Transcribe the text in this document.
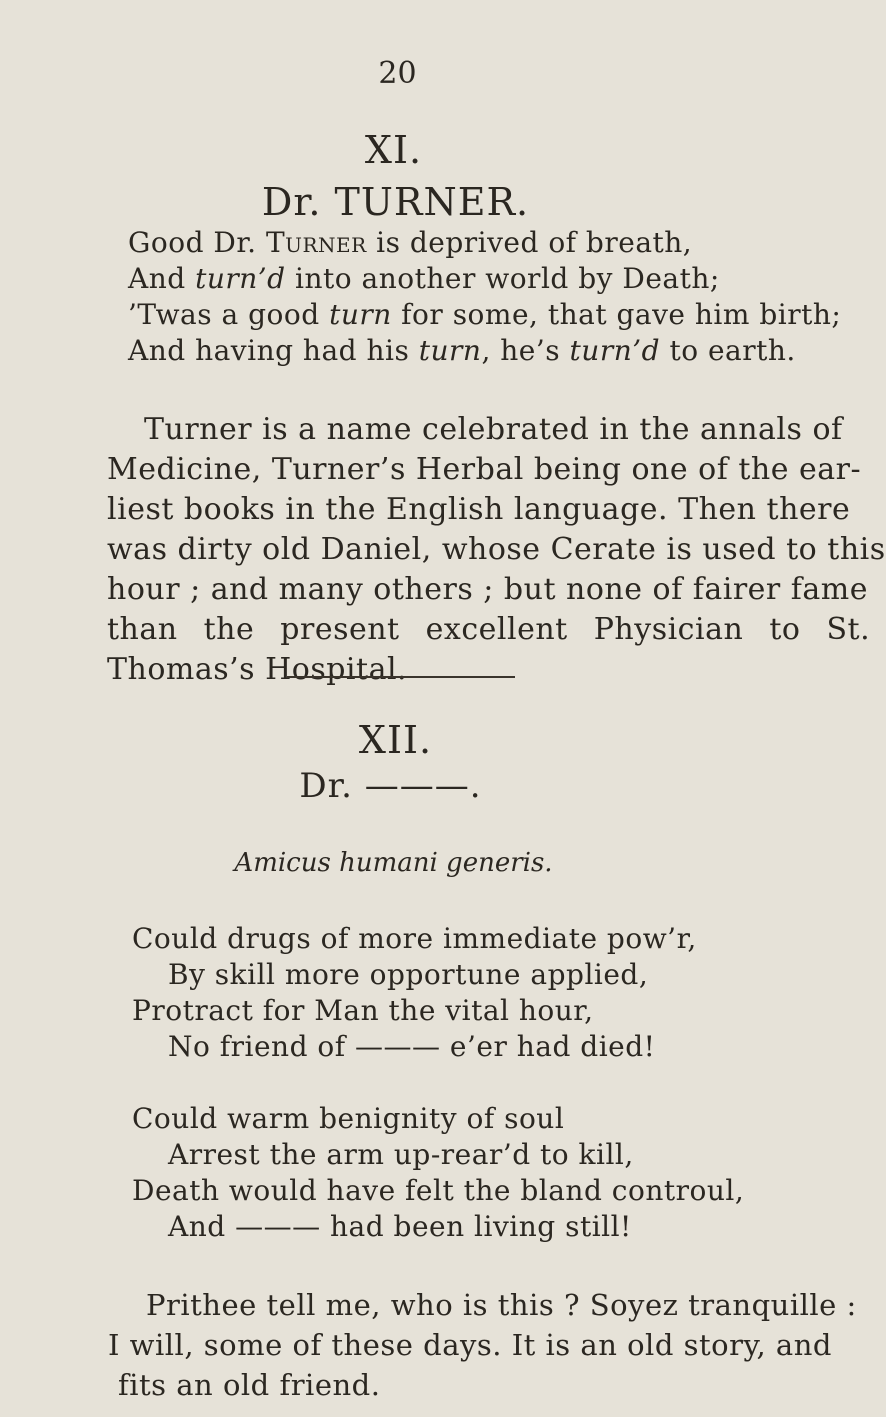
20
XI.
Dr. TURNER.
Good Dr. Turner is deprived of breath,
And turn’d into another world by Death;
’Twas a good turn for some, that gave him birth;
And having had his turn, he’s turn’d to earth.
Turner is a name celebrated in the annals of
Medicine, Turner’s Herbal being one of the ear-
liest books in the English language. Then there
was dirty old Daniel, whose Cerate is used to this
hour ; and many others ; but none of fairer fame
than the present excellent Physician to St.
Thomas’s Hospital.
XII.
Dr. ———.
Amicus humani generis.
Could drugs of more immediate pow’r,
By skill more opportune applied,
Protract for Man the vital hour,
No friend of ——— e’er had died!
Could warm benignity of soul
Arrest the arm up-rear’d to kill,
Death would have felt the bland controul,
And ——— had been living still!
Prithee tell me, who is this ? Soyez tranquille :
I will, some of these days. It is an old story, and
fits an old friend.
